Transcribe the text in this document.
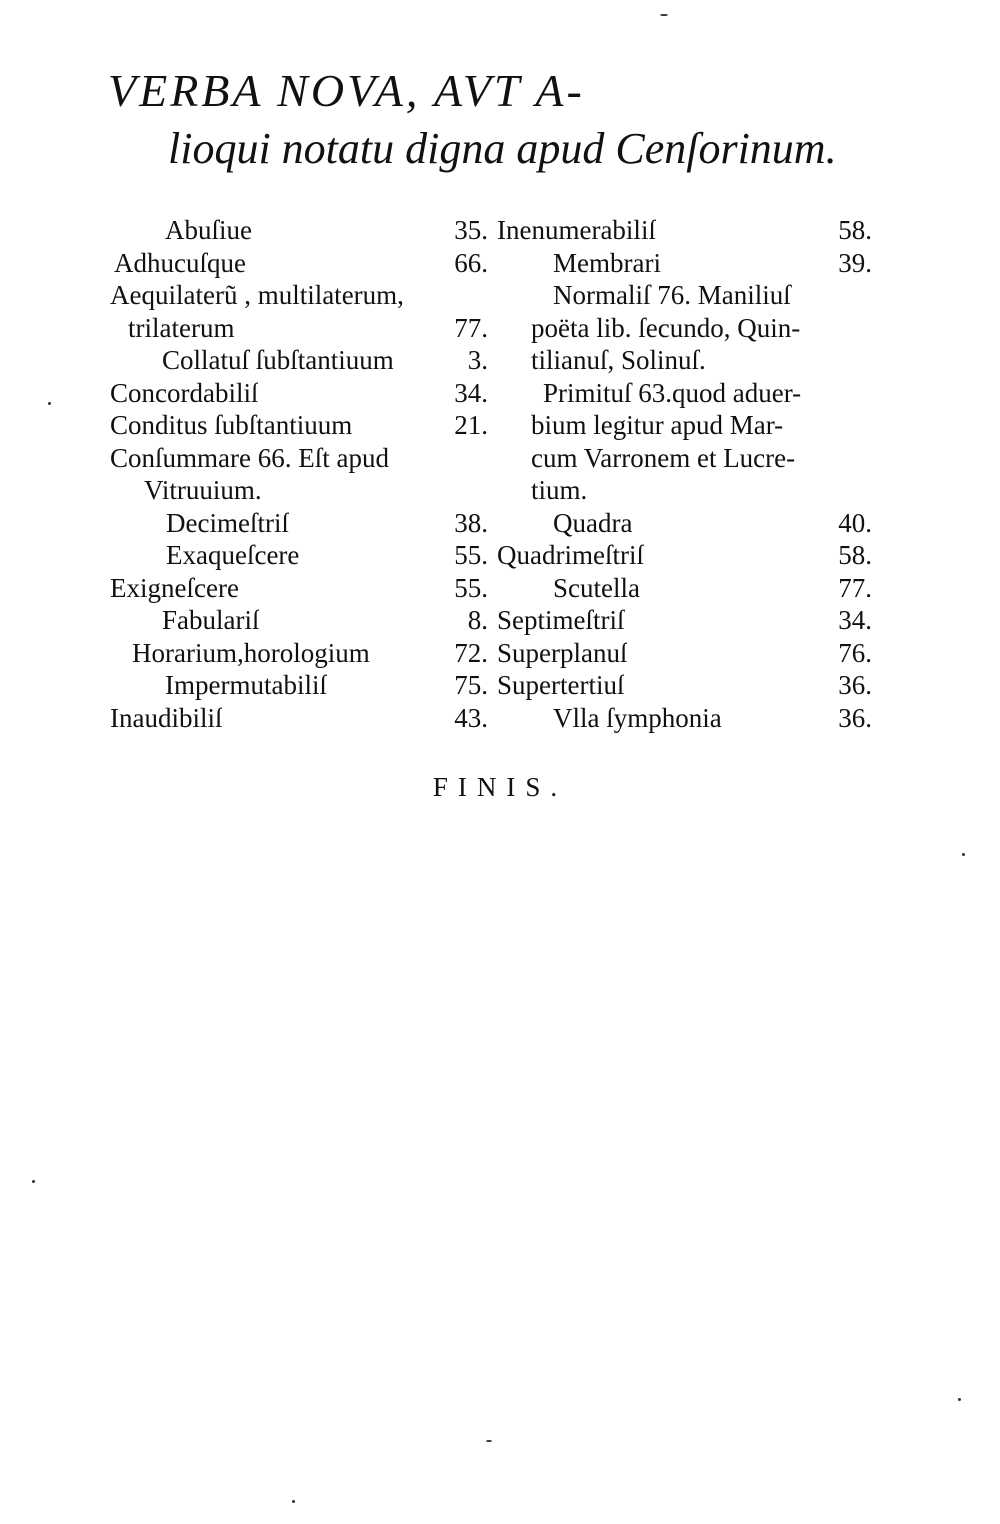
VERBA NOVA, AVT A-
lioqui notatu digna apud Cenſorinum.
Abuſiue	35.
Adhucuſque	66.
Aequilaterũ , multilaterum,
trilaterum	77.
Collatuſ ſubſtantiuum	3.
Concordabiliſ	34.
Conditus ſubſtantiuum	21.
Conſummare 66. Eſt apud
Vitruuium.
Decimeſtriſ	38.
Exaqueſcere	55.
Exigneſcere	55.
Fabulariſ	8.
Horarium,horologium	72.
Impermutabiliſ	75.
Inaudibiliſ	43.
Inenumerabiliſ	58.
Membrari	39.
Normaliſ 76. Maniliuſ
poëta lib. ſecundo, Quin-
tilianuſ, Solinuſ.
Primituſ 63.quod aduer-
bium legitur apud Mar-
cum Varronem et Lucre-
tium.
Quadra	40.
Quadrimeſtriſ	58.
Scutella	77.
Septimeſtriſ	34.
Superplanuſ	76.
Supertertiuſ	36.
Vlla ſymphonia	36.
FINIS.
